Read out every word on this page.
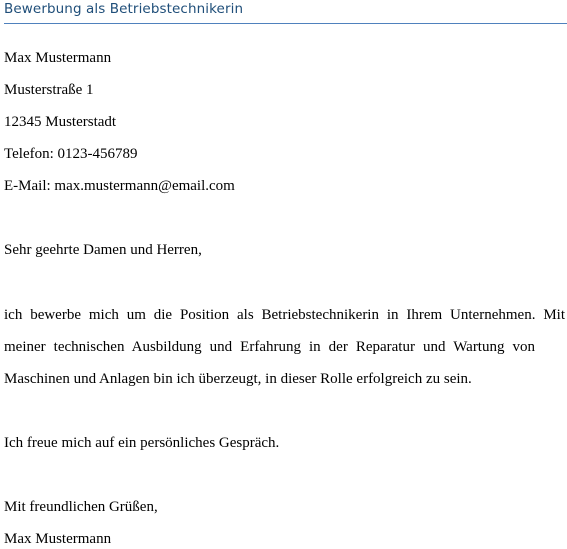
Bewerbung als Betriebstechnikerin
Max Mustermann
Musterstraße 1
12345 Musterstadt
Telefon: 0123-456789
E-Mail: max.mustermann@email.com
Sehr geehrte Damen und Herren,
ich bewerbe mich um die Position als Betriebstechnikerin in Ihrem Unternehmen. Mit
meiner technischen Ausbildung und Erfahrung in der Reparatur und Wartung von
Maschinen und Anlagen bin ich überzeugt, in dieser Rolle erfolgreich zu sein.
Ich freue mich auf ein persönliches Gespräch.
Mit freundlichen Grüßen,
Max Mustermann
